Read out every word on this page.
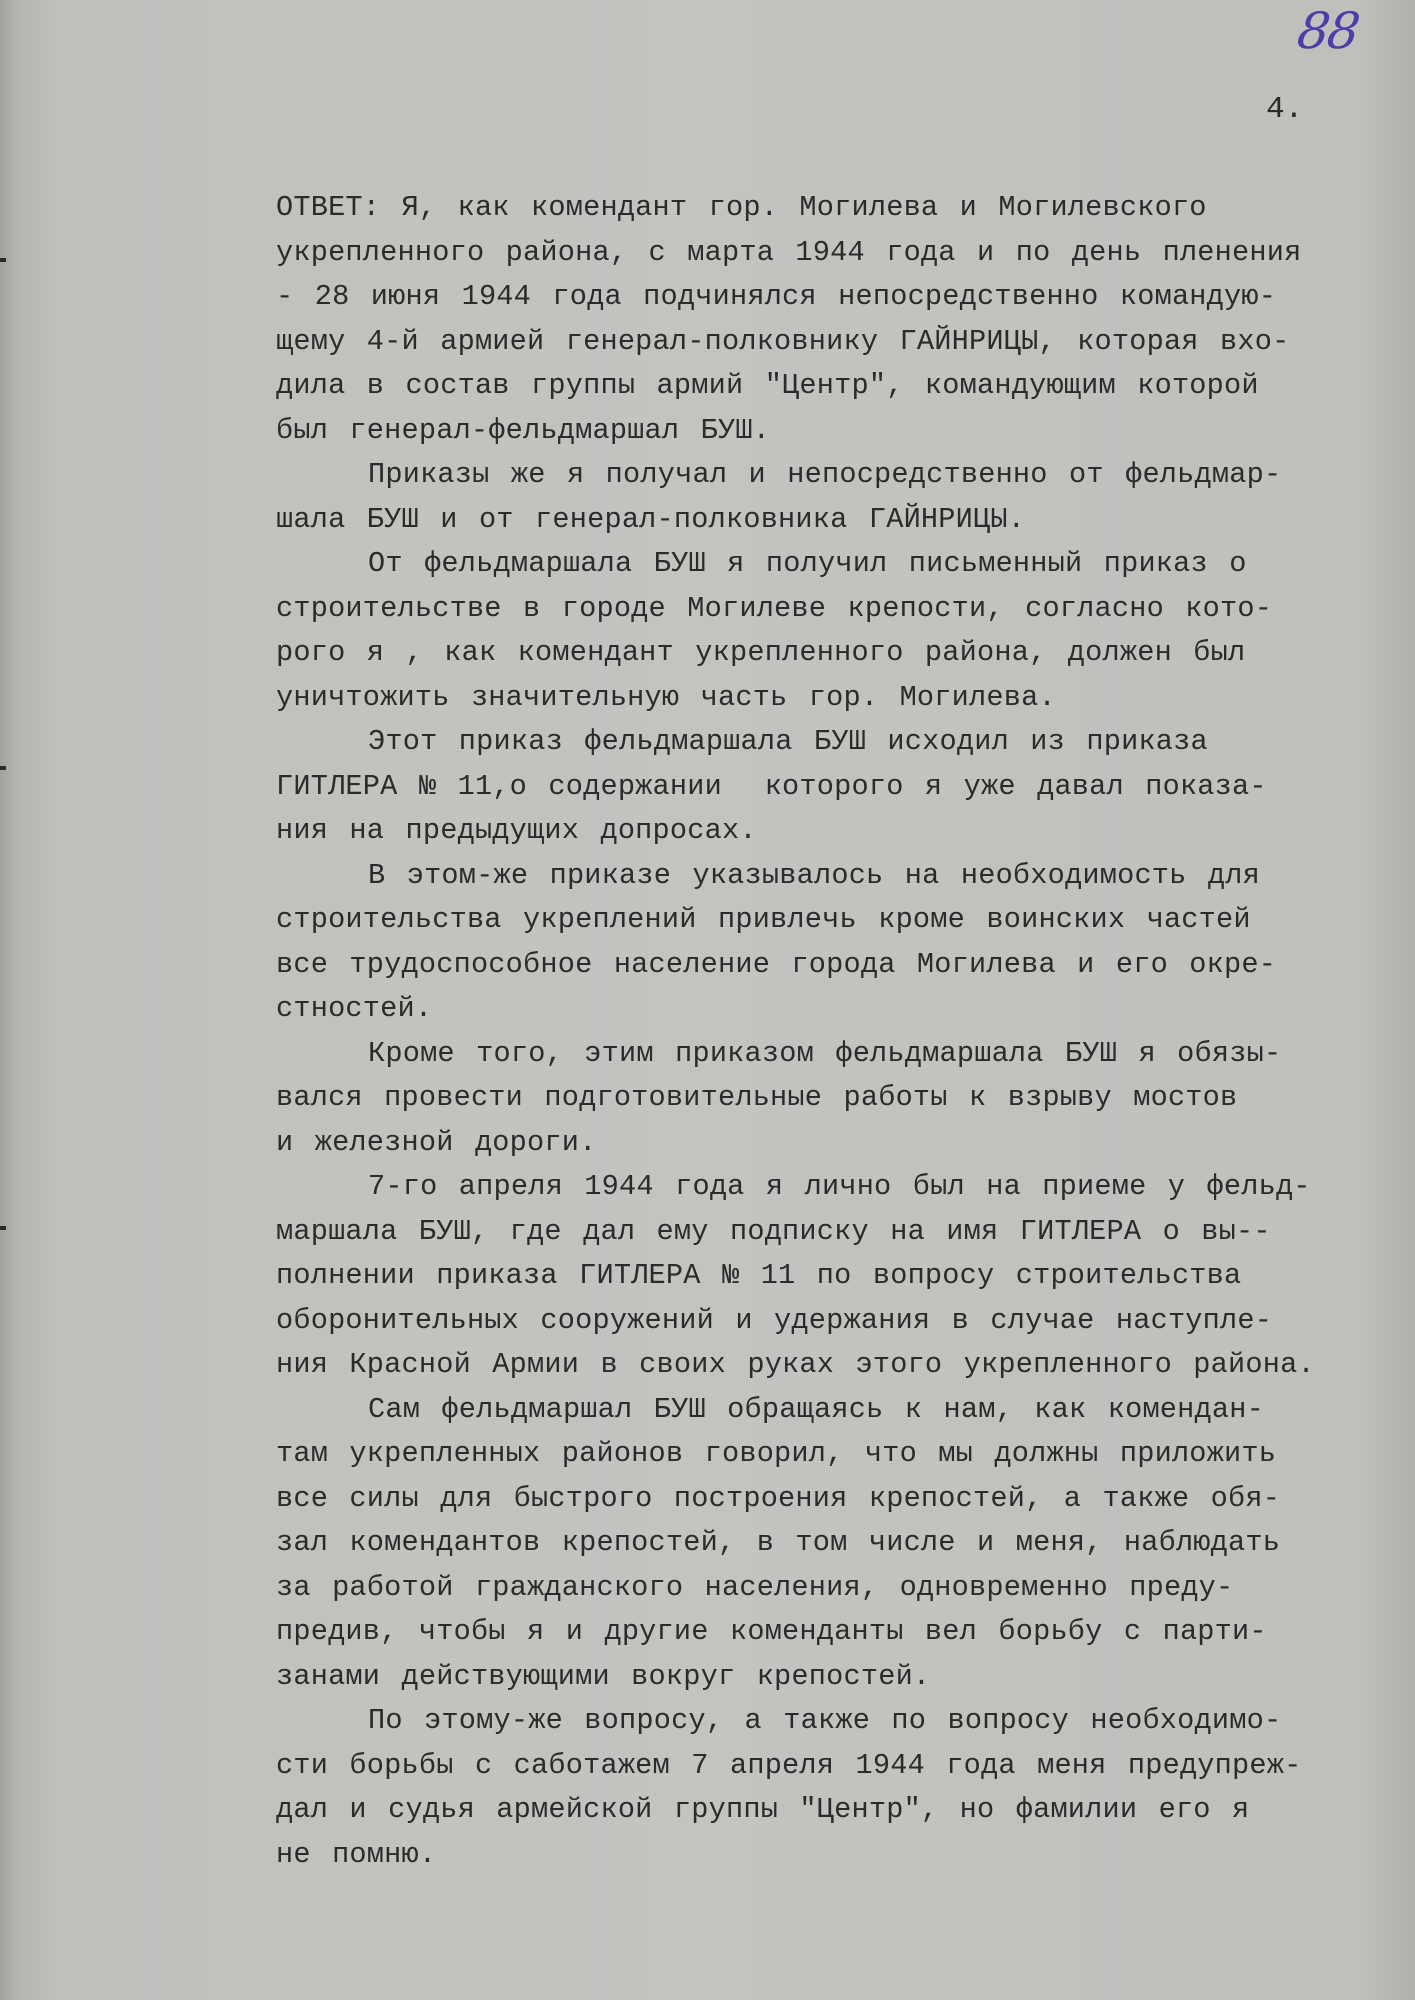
88
4.
ОТВЕТ: Я, как комендант гор. Могилева и Могилевского
укрепленного района, с марта 1944 года и по день пленения
- 28 июня 1944 года подчинялся непосредственно командую-
щему 4-й армией генерал-полковнику ГАЙНРИЦЫ, которая вхо-
дила в состав группы армий "Центр", командующим которой
был генерал-фельдмаршал БУШ.
Приказы же я получал и непосредственно от фельдмар-
шала БУШ и от генерал-полковника ГАЙНРИЦЫ.
От фельдмаршала БУШ я получил письменный приказ о
строительстве в городе Могилеве крепости, согласно кото-
рого я , как комендант укрепленного района, должен был
уничтожить значительную часть гор. Могилева.
Этот приказ фельдмаршала БУШ исходил из приказа
ГИТЛЕРА № 11,о содержании  которого я уже давал показа-
ния на предыдущих допросах.
В этом-же приказе указывалось на необходимость для
строительства укреплений привлечь кроме воинских частей
все трудоспособное население города Могилева и его окре-
стностей.
Кроме того, этим приказом фельдмаршала БУШ я обязы-
вался провести подготовительные работы к взрыву мостов
и железной дороги.
7-го апреля 1944 года я лично был на приеме у фельд-
маршала БУШ, где дал ему подписку на имя ГИТЛЕРА о вы--
полнении приказа ГИТЛЕРА № 11 по вопросу строительства
оборонительных сооружений и удержания в случае наступле-
ния Красной Армии в своих руках этого укрепленного района.
Сам фельдмаршал БУШ обращаясь к нам, как комендан-
там укрепленных районов говорил, что мы должны приложить
все силы для быстрого построения крепостей, а также обя-
зал комендантов крепостей, в том числе и меня, наблюдать
за работой гражданского населения, одновременно преду-
предив, чтобы я и другие коменданты вел борьбу с парти-
занами действующими вокруг крепостей.
По этому-же вопросу, а также по вопросу необходимо-
сти борьбы с саботажем 7 апреля 1944 года меня предупреж-
дал и судья армейской группы "Центр", но фамилии его я
не помню.
